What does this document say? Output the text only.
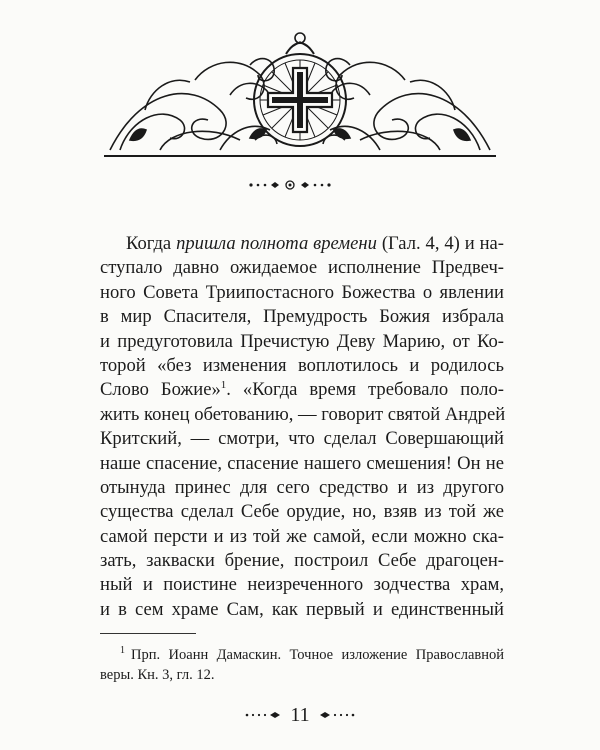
Когда пришла полнота времени (Гал. 4, 4) и на-
ступало давно ожидаемое исполнение Предвеч-
ного Совета Триипостасного Божества о явлении
в мир Спасителя, Премудрость Божия избрала
и предуготовила Пречистую Деву Марию, от Ко-
торой «без изменения воплотилось и родилось
Слово Божие»$^1$. «Когда время требовало поло-
жить конец обетованию, — говорит святой Андрей
Критский, — смотри, что сделал Совершающий
наше спасение, спасение нашего смешения! Он не
отынуда принес для сего средство и из другого
существа сделал Себе орудие, но, взяв из той же
самой персти и из той же самой, если можно ска-
зать, закваски брение, построил Себе драгоцен-
ный и поистине неизреченного зодчества храм,
и в сем храме Сам, как первый и единственный

$^1$ Прп. Иоанн Дамаскин. Точное изложение Православной
веры. Кн. 3, гл. 12.

11
